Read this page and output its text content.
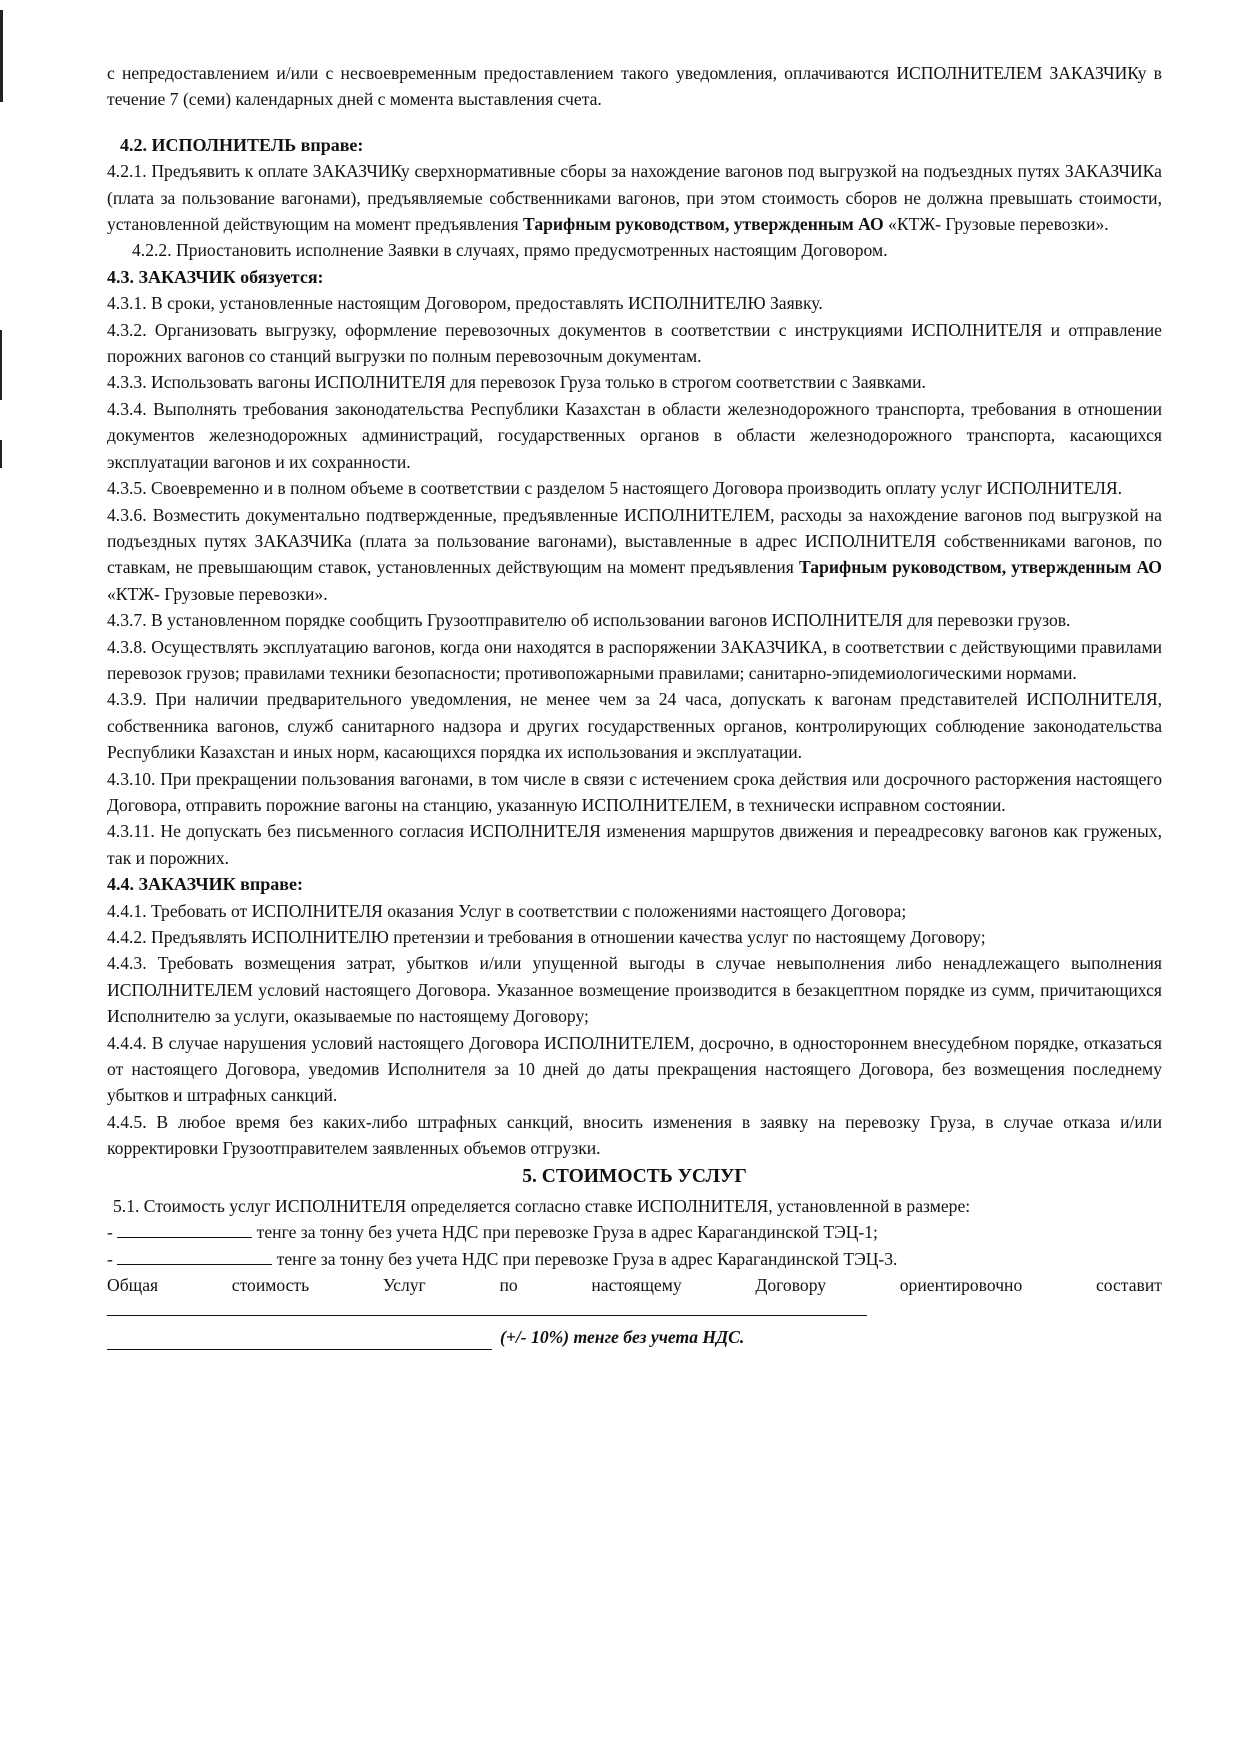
с непредоставлением и/или с несвоевременным предоставлением такого уведомления, оплачиваются ИСПОЛНИТЕЛЕМ ЗАКАЗЧИКу в течение 7 (семи) календарных дней с момента выставления счета.

4.2. ИСПОЛНИТЕЛЬ вправе:

4.2.1. Предъявить к оплате ЗАКАЗЧИКу сверхнормативные сборы за нахождение вагонов под выгрузкой на подъездных путях ЗАКАЗЧИКа (плата за пользование вагонами), предъявляемые собственниками вагонов, при этом стоимость сборов не должна превышать стоимости, установленной действующим на момент предъявления Тарифным руководством, утвержденным АО «КТЖ- Грузовые перевозки».

4.2.2. Приостановить исполнение Заявки в случаях, прямо предусмотренных настоящим Договором.

4.3. ЗАКАЗЧИК обязуется:

4.3.1. В сроки, установленные настоящим Договором, предоставлять ИСПОЛНИТЕЛЮ Заявку.

4.3.2. Организовать выгрузку, оформление перевозочных документов в соответствии с инструкциями ИСПОЛНИТЕЛЯ и отправление порожних вагонов со станций выгрузки по полным перевозочным документам.

4.3.3. Использовать вагоны ИСПОЛНИТЕЛЯ для перевозок Груза только в строгом соответствии с Заявками.

4.3.4. Выполнять требования законодательства Республики Казахстан в области железнодорожного транспорта, требования в отношении документов железнодорожных администраций, государственных органов в области железнодорожного транспорта, касающихся эксплуатации вагонов и их сохранности.

4.3.5. Своевременно и в полном объеме в соответствии с разделом 5 настоящего Договора производить оплату услуг ИСПОЛНИТЕЛЯ.

4.3.6. Возместить документально подтвержденные, предъявленные ИСПОЛНИТЕЛЕМ, расходы за нахождение вагонов под выгрузкой на подъездных путях ЗАКАЗЧИКа (плата за пользование вагонами), выставленные в адрес ИСПОЛНИТЕЛЯ собственниками вагонов, по ставкам, не превышающим ставок, установленных действующим на момент предъявления Тарифным руководством, утвержденным АО «КТЖ- Грузовые перевозки».

4.3.7. В установленном порядке сообщить Грузоотправителю об использовании вагонов ИСПОЛНИТЕЛЯ для перевозки грузов.

4.3.8. Осуществлять эксплуатацию вагонов, когда они находятся в распоряжении ЗАКАЗЧИКА, в соответствии с действующими правилами перевозок грузов; правилами техники безопасности; противопожарными правилами; санитарно-эпидемиологическими нормами.

4.3.9. При наличии предварительного уведомления, не менее чем за 24 часа, допускать к вагонам представителей ИСПОЛНИТЕЛЯ, собственника вагонов, служб санитарного надзора и других государственных органов, контролирующих соблюдение законодательства Республики Казахстан и иных норм, касающихся порядка их использования и эксплуатации.

4.3.10. При прекращении пользования вагонами, в том числе в связи с истечением срока действия или досрочного расторжения настоящего Договора, отправить порожние вагоны на станцию, указанную ИСПОЛНИТЕЛЕМ, в технически исправном состоянии.

4.3.11. Не допускать без письменного согласия ИСПОЛНИТЕЛЯ изменения маршрутов движения и переадресовку вагонов как груженых, так и порожних.

4.4. ЗАКАЗЧИК вправе:

4.4.1. Требовать от ИСПОЛНИТЕЛЯ оказания Услуг в соответствии с положениями настоящего Договора;

4.4.2. Предъявлять ИСПОЛНИТЕЛЮ претензии и требования в отношении качества услуг по настоящему Договору;

4.4.3. Требовать возмещения затрат, убытков и/или упущенной выгоды в случае невыполнения либо ненадлежащего выполнения ИСПОЛНИТЕЛЕМ условий настоящего Договора. Указанное возмещение производится в безакцептном порядке из сумм, причитающихся Исполнителю за услуги, оказываемые по настоящему Договору;

4.4.4. В случае нарушения условий настоящего Договора ИСПОЛНИТЕЛЕМ, досрочно, в одностороннем внесудебном порядке, отказаться от настоящего Договора, уведомив Исполнителя за 10 дней до даты прекращения настоящего Договора, без возмещения последнему убытков и штрафных санкций.

4.4.5. В любое время без каких-либо штрафных санкций, вносить изменения в заявку на перевозку Груза, в случае отказа и/или корректировки Грузоотправителем заявленных объемов отгрузки.

5. СТОИМОСТЬ УСЛУГ

5.1. Стоимость услуг ИСПОЛНИТЕЛЯ определяется согласно ставке ИСПОЛНИТЕЛЯ, установленной в размере:

-	тенге за тонну без учета НДС при перевозке Груза в адрес Карагандинской ТЭЦ-1;

-	тенге за тонну без учета НДС при перевозке Груза в адрес Карагандинской ТЭЦ-3.

Общая	стоимость	Услуг	по	настоящему	Договору	ориентировочно	составит
(+/- 10%) тенге без учета НДС.
